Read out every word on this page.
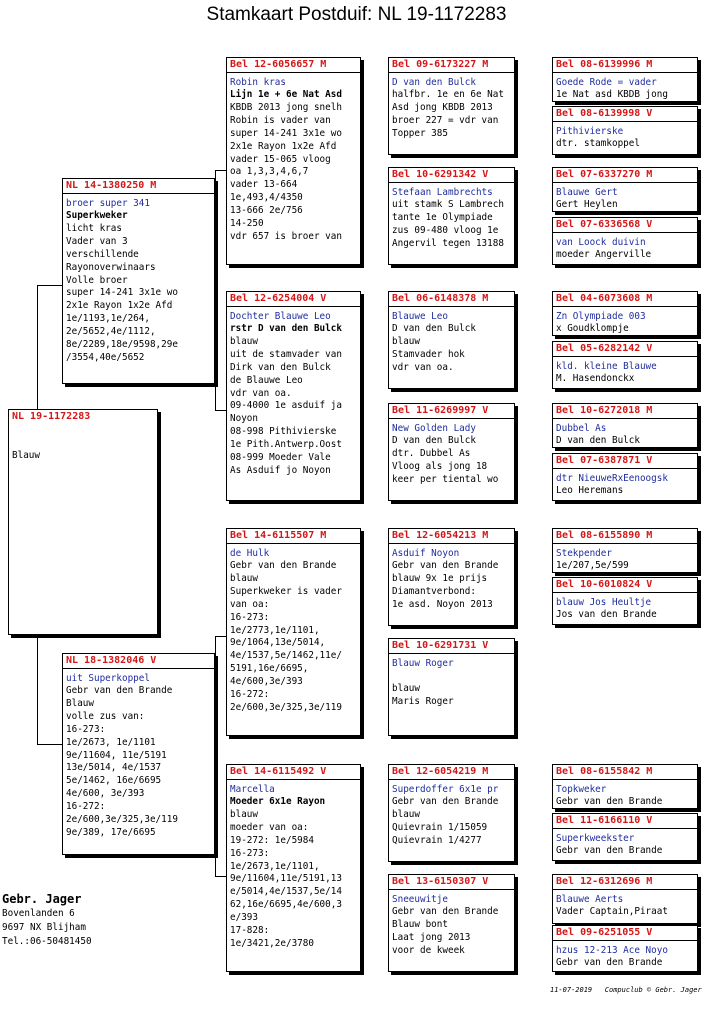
Stamkaart Postduif: NL 19-1172283
NL 19-1172283
Blauw
NL 14-1380250 M
broer super 341
Superkweker
licht kras
Vader van 3
verschillende
Rayonoverwinaars
Volle broer
super 14-241 3x1e wo
2x1e Rayon 1x2e Afd
1e/1193,1e/264,
2e/5652,4e/1112,
8e/2289,18e/9598,29e
/3554,40e/5652
NL 18-1382046 V
uit Superkoppel
Gebr van den Brande
Blauw
volle zus van:
16-273:
1e/2673, 1e/1101
9e/11604, 11e/5191
13e/5014, 4e/1537
5e/1462, 16e/6695
4e/600, 3e/393
16-272:
2e/600,3e/325,3e/119
9e/389, 17e/6695
Bel 12-6056657 M
Robin kras
Lijn 1e + 6e Nat Asd
KBDB 2013 jong snelh
Robin is vader van
super 14-241 3x1e wo
2x1e Rayon 1x2e Afd
vader 15-065 vloog
oa 1,3,3,4,6,7
vader 13-664
1e,493,4/4350
13-666 2e/756
14-250
vdr 657 is broer van
Bel 12-6254004 V
Dochter Blauwe Leo
rstr D van den Bulck
blauw
uit de stamvader van
Dirk van den Bulck
de Blauwe Leo
vdr van oa.
09-4000 1e asduif ja
Noyon
08-998 Pithivierske
1e Pith.Antwerp.Oost
08-999 Moeder Vale
As Asduif jo Noyon
Bel 14-6115507 M
de Hulk
Gebr van den Brande
blauw
Superkweker is vader
van oa:
16-273:
1e/2773,1e/1101,
9e/1064,13e/5014,
4e/1537,5e/1462,11e/
5191,16e/6695,
4e/600,3e/393
16-272:
2e/600,3e/325,3e/119
Bel 14-6115492 V
Marcella
Moeder 6x1e Rayon
blauw
moeder van oa:
19-272: 1e/5984
16-273:
1e/2673,1e/1101,
9e/11604,11e/5191,13
e/5014,4e/1537,5e/14
62,16e/6695,4e/600,3
e/393
17-828:
1e/3421,2e/3780
Bel 09-6173227 M
D van den Bulck
halfbr. 1e en 6e Nat
Asd jong KBDB 2013
broer 227 = vdr van
Topper 385
Bel 10-6291342 V
Stefaan Lambrechts
uit stamk S Lambrech
tante 1e Olympiade
zus 09-480 vloog 1e
Angervil tegen 13188
Bel 06-6148378 M
Blauwe Leo
D van den Bulck
blauw
Stamvader hok
vdr van oa.
Bel 11-6269997 V
New Golden Lady
D van den Bulck
dtr. Dubbel As
Vloog als jong 18
keer per tiental wo
Bel 12-6054213 M
Asduif Noyon
Gebr van den Brande
blauw 9x 1e prijs
Diamantverbond:
1e asd. Noyon 2013
Bel 10-6291731 V
Blauw Roger
blauw
Maris Roger
Bel 12-6054219 M
Superdoffer 6x1e pr
Gebr van den Brande
blauw
Quievrain 1/15059
Quievrain 1/4277
Bel 13-6150307 V
Sneeuwitje
Gebr van den Brande
Blauw bont
Laat jong 2013
voor de kweek
Bel 08-6139996 M
Goede Rode = vader
1e Nat asd KBDB jong
Bel 08-6139998 V
Pithivierske
dtr. stamkoppel
Bel 07-6337270 M
Blauwe Gert
Gert Heylen
Bel 07-6336568 V
van Loock duivin
moeder Angerville
Bel 04-6073608 M
Zn Olympiade 003
x Goudklompje
Bel 05-6282142 V
kld. kleine Blauwe
M. Hasendonckx
Bel 10-6272018 M
Dubbel As
D van den Bulck
Bel 07-6387871 V
dtr NieuweRxEenoogsk
Leo Heremans
Bel 08-6155890 M
Stekpender
1e/207,5e/599
Bel 10-6010824 V
blauw Jos Heultje
Jos van den Brande
Bel 08-6155842 M
Topkweker
Gebr van den Brande
Bel 11-6166110 V
Superkweekster
Gebr van den Brande
Bel 12-6312696 M
Blauwe Aerts
Vader Captain,Piraat
Bel 09-6251055 V
hzus 12-213 Ace Noyo
Gebr van den Brande
Gebr. Jager
Bovenlanden 6
9697 NX Blijham
Tel.:06-50481450
11-07-2019   Compuclub © Gebr. Jager
